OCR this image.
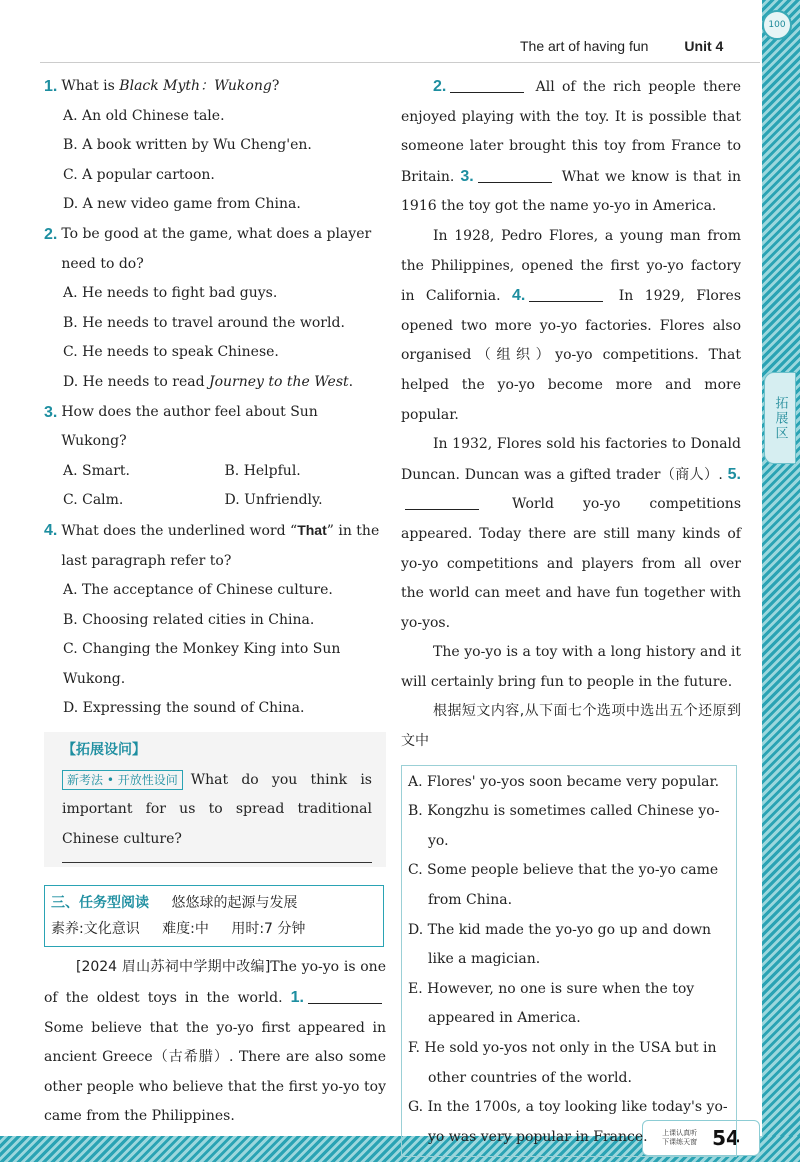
100
拓展区
上课认真听
下课练天窗 54
The art of having fun	Unit 4
1. What is Black Myth：Wukong?
A. An old Chinese tale.
B. A book written by Wu Cheng'en.
C. A popular cartoon.
D. A new video game from China.
2. To be good at the game, what does a player need to do?
A. He needs to fight bad guys.
B. He needs to travel around the world.
C. He needs to speak Chinese.
D. He needs to read Journey to the West.
3. How does the author feel about Sun Wukong?
A. Smart.	B. Helpful.
C. Calm.	D. Unfriendly.
4. What does the underlined word “That” in the last paragraph refer to?
A. The acceptance of Chinese culture.
B. Choosing related cities in China.
C. Changing the Monkey King into Sun Wukong.
D. Expressing the sound of China.
【拓展设问】
新考法 • 开放性设问 What do you think is important for us to spread traditional Chinese culture?
三、任务型阅读 悠悠球的起源与发展
素养:文化意识 难度:中 用时:7 分钟
[2024 眉山苏祠中学期中改编]The yo-yo is one of the oldest toys in the world. 1. Some believe that the yo-yo first appeared in ancient Greece（古希腊）. There are also some other people who believe that the first yo-yo toy came from the Philippines.
2.	All of the rich people there enjoyed playing with the toy. It is possible that someone later brought this toy from France to Britain. 3.	What we know is that in 1916 the toy got the name yo-yo in America.
In 1928, Pedro Flores, a young man from the Philippines, opened the first yo-yo factory in California. 4.	In 1929, Flores opened two more yo-yo factories. Flores also organised（组织）yo-yo competitions. That helped the yo-yo become more and more popular.
In 1932, Flores sold his factories to Donald Duncan. Duncan was a gifted trader（商人）. 5. World yo-yo competitions appeared. Today there are still many kinds of yo-yo competitions and players from all over the world can meet and have fun together with yo-yos.
The yo-yo is a toy with a long history and it will certainly bring fun to people in the future.
根据短文内容,从下面七个选项中选出五个还原到文中
A. Flores' yo-yos soon became very popular.
B. Kongzhu is sometimes called Chinese yo-yo.
C. Some people believe that the yo-yo came from China.
D. The kid made the yo-yo go up and down like a magician.
E. However, no one is sure when the toy appeared in America.
F. He sold yo-yos not only in the USA but in other countries of the world.
G. In the 1700s, a toy looking like today's yo-yo was very popular in France.
